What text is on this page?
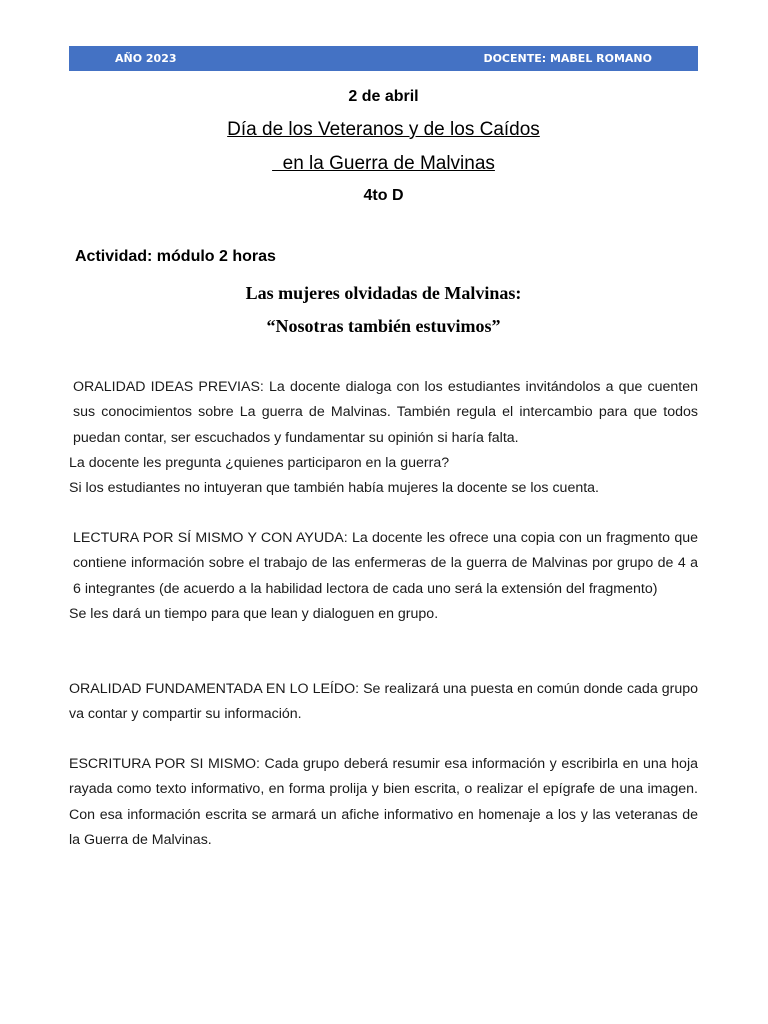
AÑO 2023	DOCENTE: MABEL ROMANO
2 de abril
Día de los Veteranos y de los Caídos
en la Guerra de Malvinas
4to D
Actividad: módulo 2 horas
Las mujeres olvidadas de Malvinas:
“Nosotras también estuvimos”

ORALIDAD IDEAS PREVIAS: La docente dialoga con los estudiantes invitándolos a que cuenten sus conocimientos sobre La guerra de Malvinas. También regula el intercambio para que todos puedan contar, ser escuchados y fundamentar su opinión si haría falta.

La docente les pregunta ¿quienes participaron en la guerra?

Si los estudiantes no intuyeran que también había mujeres la docente se los cuenta.

LECTURA POR SÍ MISMO Y CON AYUDA: La docente les ofrece una copia con un fragmento que contiene información sobre el trabajo de las enfermeras de la guerra de Malvinas por grupo de 4 a 6 integrantes (de acuerdo a la habilidad lectora de cada uno será la extensión del fragmento)

Se les dará un tiempo para que lean y dialoguen en grupo.

ORALIDAD FUNDAMENTADA EN LO LEÍDO: Se realizará una puesta en común donde cada grupo va contar y compartir su información.

ESCRITURA POR SI MISMO: Cada grupo deberá resumir esa información y escribirla en una hoja rayada como texto informativo, en forma prolija y bien escrita, o realizar el epígrafe de una imagen. Con esa información escrita se armará un afiche informativo en homenaje a los y las veteranas de la Guerra de Malvinas.
